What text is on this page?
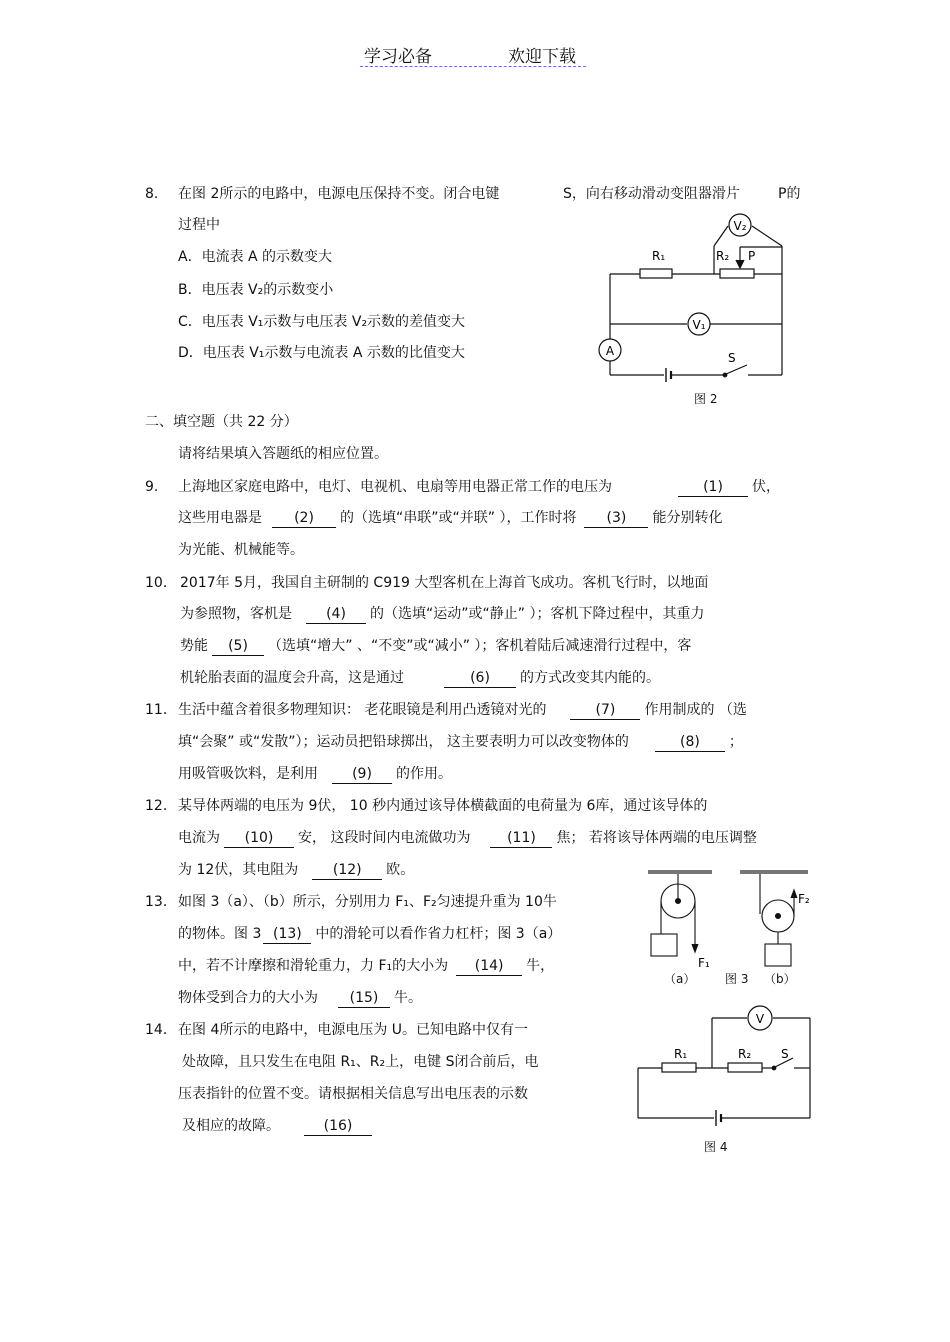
学习必备	欢迎下载
8. 在图 2所示的电路中，电源电压保持不变。闭合电键	S，向右移动滑动变阻器滑片	P的
过程中
A．电流表 A 的示数变大
B．电压表 V₂的示数变小
C．电压表 V₁示数与电压表 V₂示数的差值变大
D．电压表 V₁示数与电流表 A 示数的比值变大
V₂
R₁	R₂ P
V₁
A	S
图 2
二、填空题（共 22 分）
请将结果填入答题纸的相应位置。
9. 上海地区家庭电路中，电灯、电视机、电扇等用电器正常工作的电压为	(1) 伏，
这些用电器是 (2) 的（选填“串联”或“并联” ），工作时将 (3) 能分别转化
为光能、机械能等。
10． 2017年 5月，我国自主研制的 C919 大型客机在上海首飞成功。客机飞行时，以地面
为参照物，客机是 (4) 的（选填“运动”或“静止” ）；客机下降过程中，其重力
势能 (5) （选填“增大” 、“不变”或“减小” ）；客机着陆后减速滑行过程中，客
机轮胎表面的温度会升高，这是通过	(6) 的方式改变其内能的。
11． 生活中蕴含着很多物理知识： 老花眼镜是利用凸透镜对光的	(7) 作用制成的 （选
填“会聚” 或“发散”）；运动员把铅球掷出， 这主要表明力可以改变物体的	(8) ；
用吸管吸饮料，是利用 (9) 的作用。
12． 某导体两端的电压为 9伏， 10 秒内通过该导体横截面的电荷量为 6库，通过该导体的
电流为 (10) 安， 这段时间内电流做功为	(11) 焦； 若将该导体两端的电压调整
为 12伏，其电阻为 (12) 欧。
13． 如图 3（a）、（b）所示，分别用力 F₁、F₂匀速提升重为 10牛
的物体。图 3 (13) 中的滑轮可以看作省力杠杆；图 3（a）
中，若不计摩擦和滑轮重力，力 F₁的大小为 (14) 牛，
物体受到合力的大小为 (15) 牛。
F₁
F₂
（a） 图 3 （b）
14． 在图 4所示的电路中，电源电压为 U。已知电路中仅有一
处故障，且只发生在电阻 R₁、R₂上，电键 S闭合前后，电
压表指针的位置不变。请根据相关信息写出电压表的示数
及相应的故障。	(16)
V
R₁	R₂ S
图 4
